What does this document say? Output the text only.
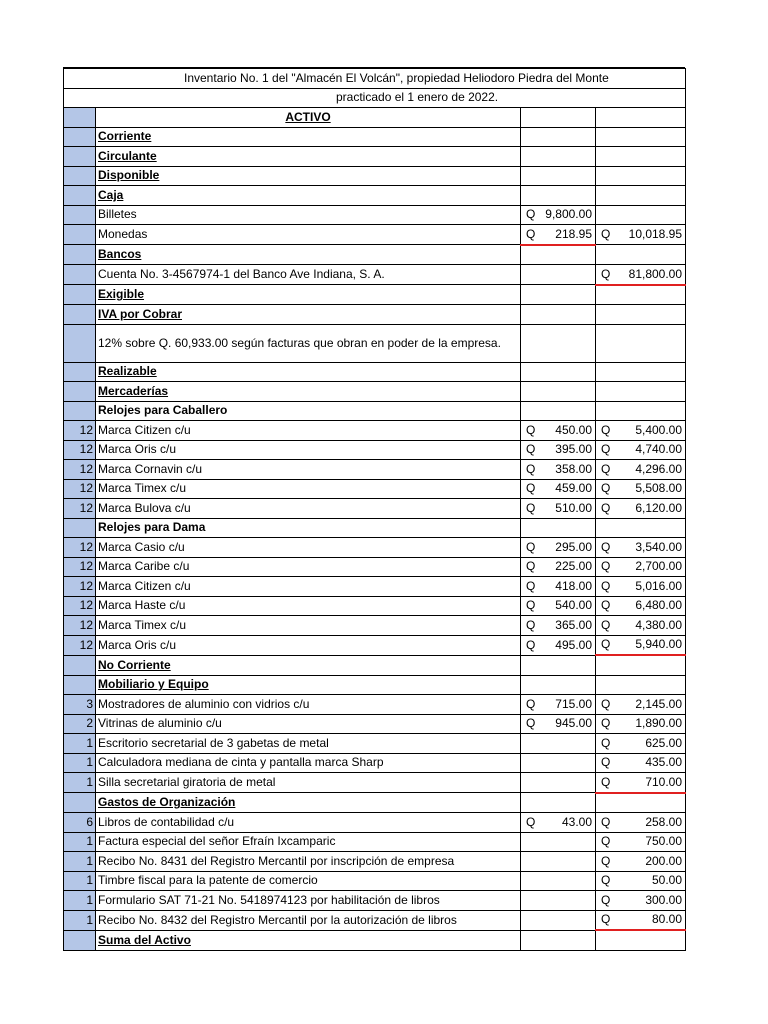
Inventario No. 1 del "Almacén El Volcán", propiedad Heliodoro Piedra del Monte			
practicado el 1 enero de 2022.			
	ACTIVO		
	Corriente		
	Circulante		
	Disponible		
	Caja		
	Billetes	Q 9,800.00	

	Monedas	Q 218.95	Q 10,018.95

	Bancos		
	Cuenta No. 3-4567974-1 del Banco Ave Indiana, S. A.		Q 81,800.00

	Exigible		
	IVA por Cobrar		
	12% sobre Q. 60,933.00 según facturas que obran en poder de la empresa.		
	Realizable		
	Mercaderías		
	Relojes para Caballero		
12	Marca Citizen c/u	Q 450.00	Q 5,400.00

12	Marca Oris c/u	Q 395.00	Q 4,740.00

12	Marca Cornavin c/u	Q 358.00	Q 4,296.00

12	Marca Timex c/u	Q 459.00	Q 5,508.00

12	Marca Bulova c/u	Q 510.00	Q 6,120.00

	Relojes para Dama		
12	Marca Casio c/u	Q 295.00	Q 3,540.00

12	Marca Caribe c/u	Q 225.00	Q 2,700.00

12	Marca Citizen c/u	Q 418.00	Q 5,016.00

12	Marca Haste c/u	Q 540.00	Q 6,480.00

12	Marca Timex c/u	Q 365.00	Q 4,380.00

12	Marca Oris c/u	Q 495.00	Q 5,940.00

	No Corriente		
	Mobiliario y Equipo		
3	Mostradores de aluminio con vidrios c/u	Q 715.00	Q 2,145.00

2	Vitrinas de aluminio c/u	Q 945.00	Q 1,890.00

1	Escritorio secretarial de 3 gabetas de metal		Q 625.00

1	Calculadora mediana de cinta y pantalla marca Sharp		Q 435.00

1	Silla secretarial giratoria de metal		Q 710.00

	Gastos de Organización		
6	Libros de contabilidad c/u	Q 43.00	Q 258.00

1	Factura especial del señor Efraín Ixcamparic		Q 750.00

1	Recibo No. 8431 del Registro Mercantil por inscripción de empresa		Q 200.00

1	Timbre fiscal para la patente de comercio		Q 50.00

1	Formulario SAT 71-21 No. 5418974123 por habilitación de libros		Q 300.00

1	Recibo No. 8432 del Registro Mercantil por la autorización de libros		Q 80.00

	Suma del Activo		
